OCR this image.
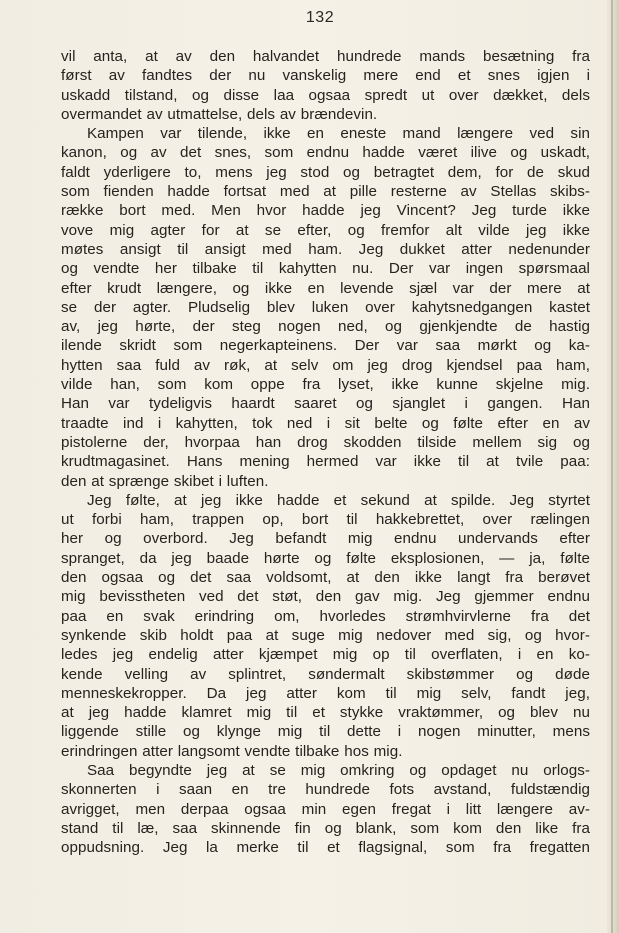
132
vil anta, at av den halvandet hundrede mands besætning fra
først av fandtes der nu vanskelig mere end et snes igjen i
uskadd tilstand, og disse laa ogsaa spredt ut over dækket, dels
overmandet av utmattelse, dels av brændevin.
Kampen var tilende, ikke en eneste mand længere ved sin
kanon, og av det snes, som endnu hadde været ilive og uskadt,
faldt yderligere to, mens jeg stod og betragtet dem, for de skud
som fienden hadde fortsat med at pille resterne av Stellas skibs-
række bort med. Men hvor hadde jeg Vincent? Jeg turde ikke
vove mig agter for at se efter, og fremfor alt vilde jeg ikke
møtes ansigt til ansigt med ham. Jeg dukket atter nedenunder
og vendte her tilbake til kahytten nu. Der var ingen spørsmaal
efter krudt længere, og ikke en levende sjæl var der mere at
se der agter. Pludselig blev luken over kahytsnedgangen kastet
av, jeg hørte, der steg nogen ned, og gjenkjendte de hastig
ilende skridt som negerkapteinens. Der var saa mørkt og ka-
hytten saa fuld av røk, at selv om jeg drog kjendsel paa ham,
vilde han, som kom oppe fra lyset, ikke kunne skjelne mig.
Han var tydeligvis haardt saaret og sjanglet i gangen. Han
traadte ind i kahytten, tok ned i sit belte og følte efter en av
pistolerne der, hvorpaa han drog skodden tilside mellem sig og
krudtmagasinet. Hans mening hermed var ikke til at tvile paa:
den at sprænge skibet i luften.
Jeg følte, at jeg ikke hadde et sekund at spilde. Jeg styrtet
ut forbi ham, trappen op, bort til hakkebrettet, over rælingen
her og overbord. Jeg befandt mig endnu undervands efter
spranget, da jeg baade hørte og følte eksplosionen, — ja, følte
den ogsaa og det saa voldsomt, at den ikke langt fra berøvet
mig bevisstheten ved det støt, den gav mig. Jeg gjemmer endnu
paa en svak erindring om, hvorledes strømhvirvlerne fra det
synkende skib holdt paa at suge mig nedover med sig, og hvor-
ledes jeg endelig atter kjæmpet mig op til overflaten, i en ko-
kende velling av splintret, søndermalt skibstømmer og døde
menneskekropper. Da jeg atter kom til mig selv, fandt jeg,
at jeg hadde klamret mig til et stykke vraktømmer, og blev nu
liggende stille og klynge mig til dette i nogen minutter, mens
erindringen atter langsomt vendte tilbake hos mig.
Saa begyndte jeg at se mig omkring og opdaget nu orlogs-
skonnerten i saan en tre hundrede fots avstand, fuldstændig
avrigget, men derpaa ogsaa min egen fregat i litt længere av-
stand til læ, saa skinnende fin og blank, som kom den like fra
oppudsning. Jeg la merke til et flagsignal, som fra fregatten
